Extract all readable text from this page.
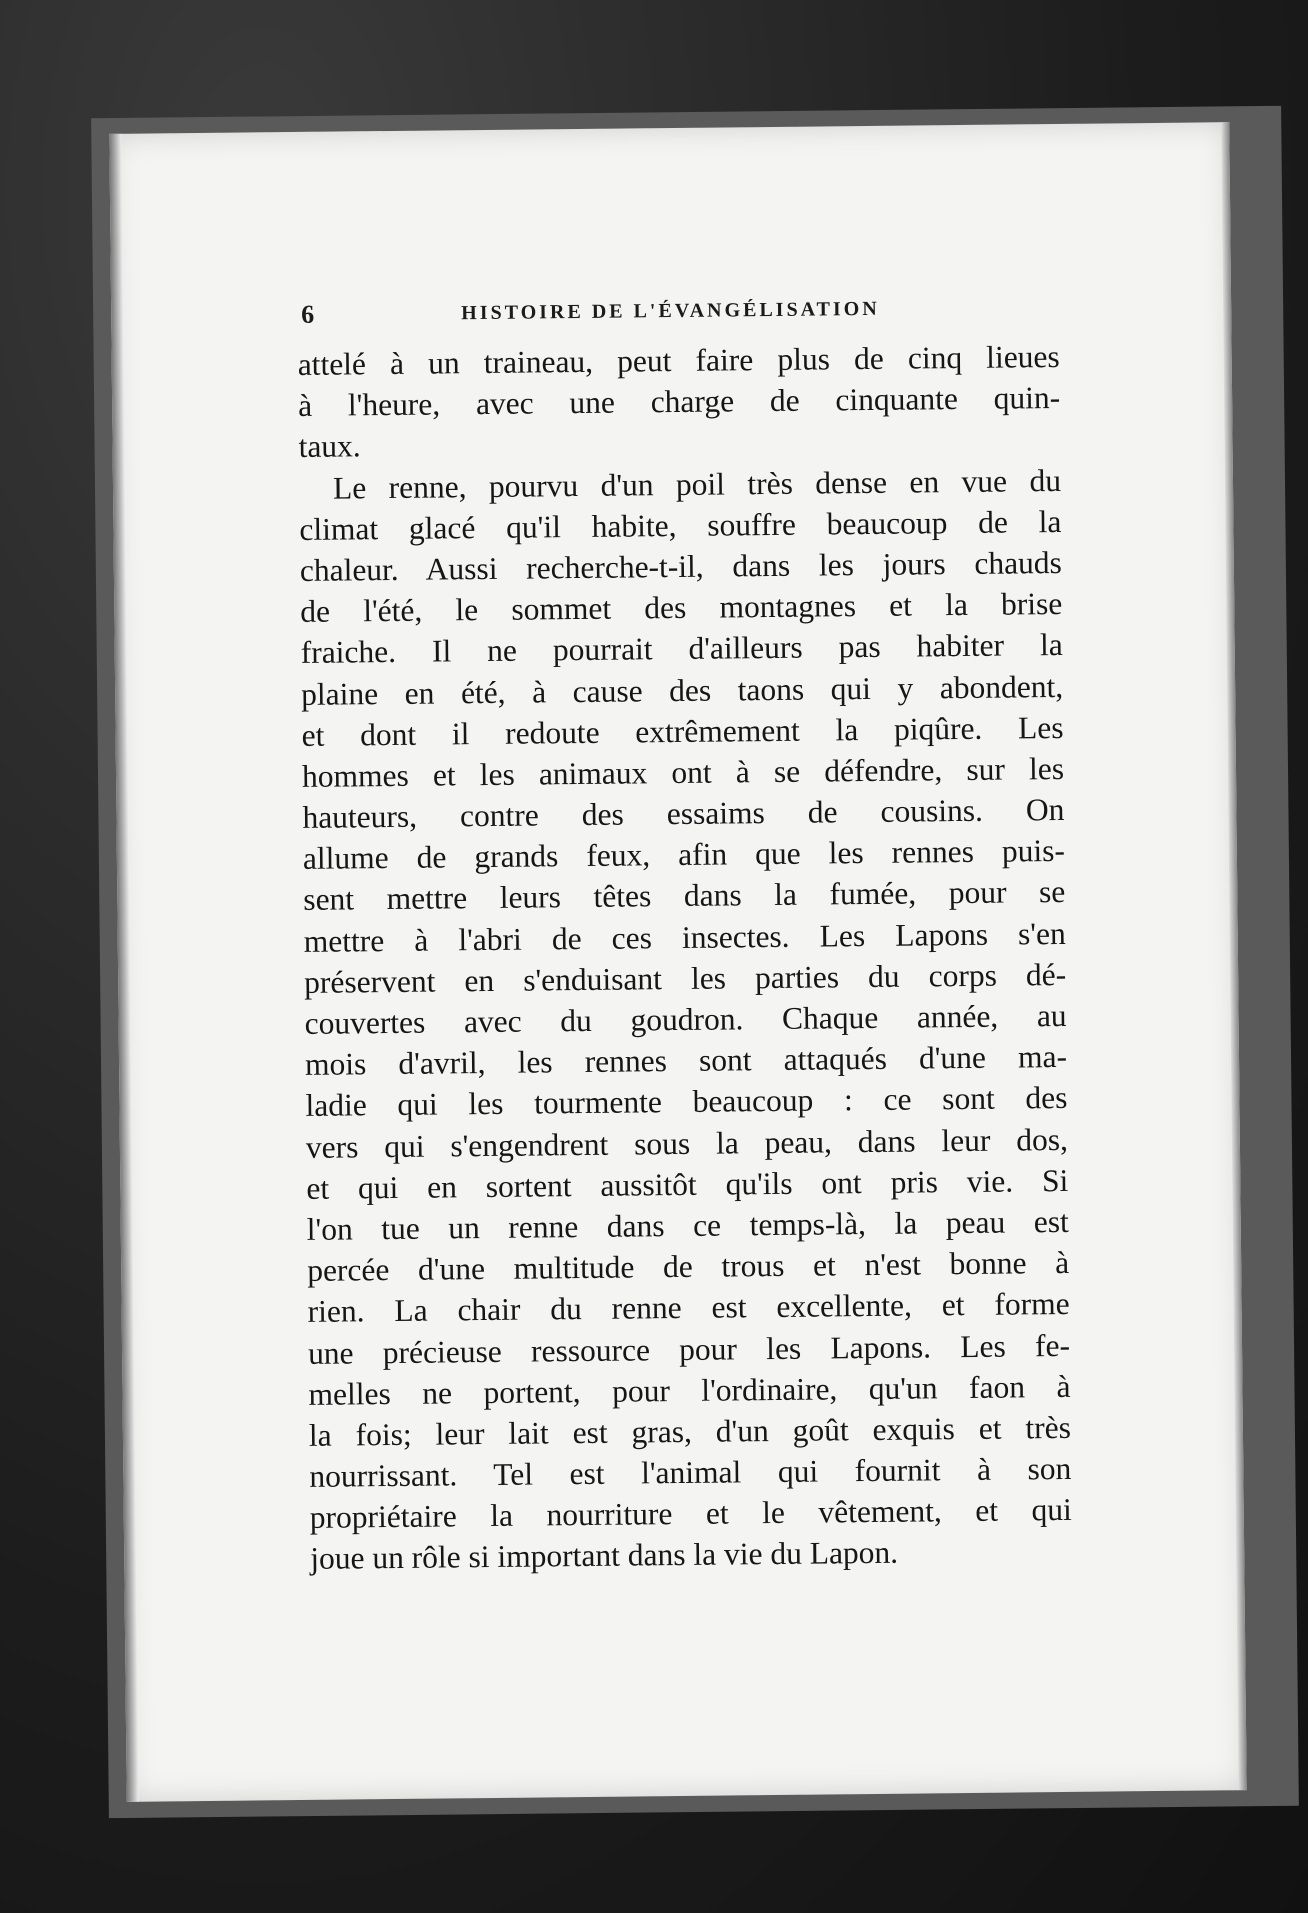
6	HISTOIRE DE L'ÉVANGÉLISATION
attelé à un traineau, peut faire plus de cinq lieues
à l'heure, avec une charge de cinquante quin-
taux.
Le renne, pourvu d'un poil très dense en vue du
climat glacé qu'il habite, souffre beaucoup de la
chaleur. Aussi recherche-t-il, dans les jours chauds
de l'été, le sommet des montagnes et la brise
fraiche. Il ne pourrait d'ailleurs pas habiter la
plaine en été, à cause des taons qui y abondent,
et dont il redoute extrêmement la piqûre. Les
hommes et les animaux ont à se défendre, sur les
hauteurs, contre des essaims de cousins. On
allume de grands feux, afin que les rennes puis-
sent mettre leurs têtes dans la fumée, pour se
mettre à l'abri de ces insectes. Les Lapons s'en
préservent en s'enduisant les parties du corps dé-
couvertes avec du goudron. Chaque année, au
mois d'avril, les rennes sont attaqués d'une ma-
ladie qui les tourmente beaucoup : ce sont des
vers qui s'engendrent sous la peau, dans leur dos,
et qui en sortent aussitôt qu'ils ont pris vie. Si
l'on tue un renne dans ce temps-là, la peau est
percée d'une multitude de trous et n'est bonne à
rien. La chair du renne est excellente, et forme
une précieuse ressource pour les Lapons. Les fe-
melles ne portent, pour l'ordinaire, qu'un faon à
la fois; leur lait est gras, d'un goût exquis et très
nourrissant. Tel est l'animal qui fournit à son
propriétaire la nourriture et le vêtement, et qui
joue un rôle si important dans la vie du Lapon.
